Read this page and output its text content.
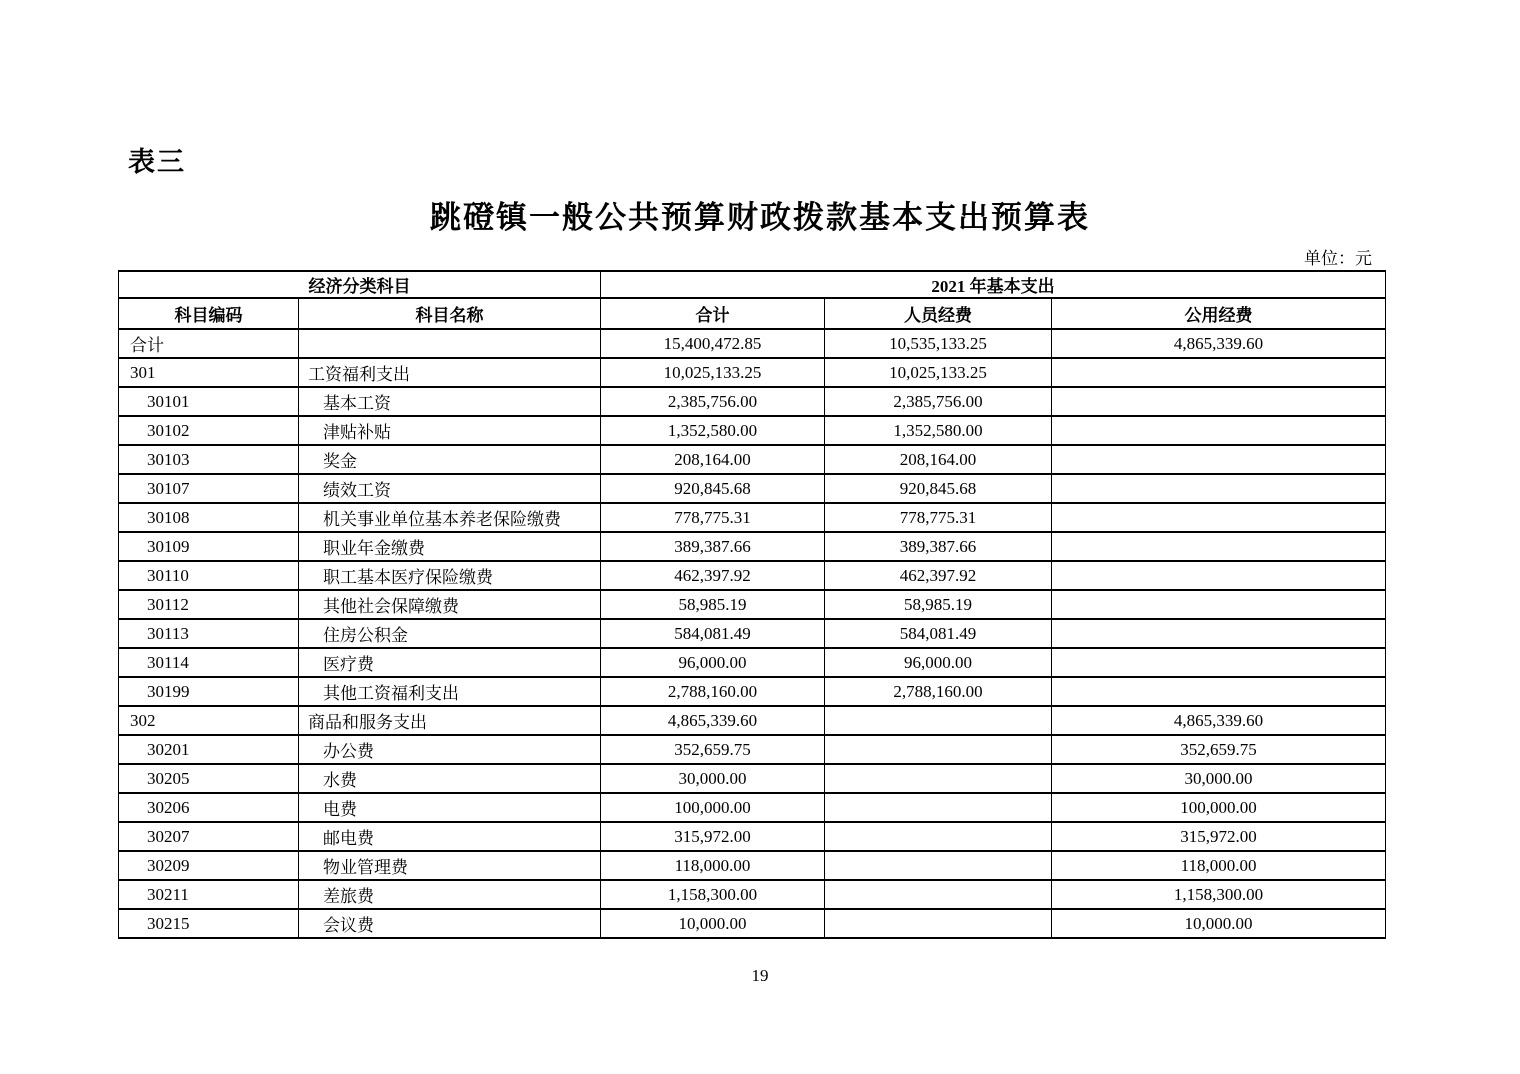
表三
跳磴镇一般公共预算财政拨款基本支出预算表
单位：元
经济分类科目		2021 年基本支出		
科目编码	科目名称	合计	人员经费	公用经费
合计		15,400,472.85	10,535,133.25	4,865,339.60
301	工资福利支出	10,025,133.25	10,025,133.25	
30101	基本工资	2,385,756.00	2,385,756.00	
30102	津贴补贴	1,352,580.00	1,352,580.00	
30103	奖金	208,164.00	208,164.00	
30107	绩效工资	920,845.68	920,845.68	
30108	机关事业单位基本养老保险缴费	778,775.31	778,775.31	
30109	职业年金缴费	389,387.66	389,387.66	
30110	职工基本医疗保险缴费	462,397.92	462,397.92	
30112	其他社会保障缴费	58,985.19	58,985.19	
30113	住房公积金	584,081.49	584,081.49	
30114	医疗费	96,000.00	96,000.00	
30199	其他工资福利支出	2,788,160.00	2,788,160.00	
302	商品和服务支出	4,865,339.60		4,865,339.60
30201	办公费	352,659.75		352,659.75
30205	水费	30,000.00		30,000.00
30206	电费	100,000.00		100,000.00
30207	邮电费	315,972.00		315,972.00
30209	物业管理费	118,000.00		118,000.00
30211	差旅费	1,158,300.00		1,158,300.00
30215	会议费	10,000.00		10,000.00
19
